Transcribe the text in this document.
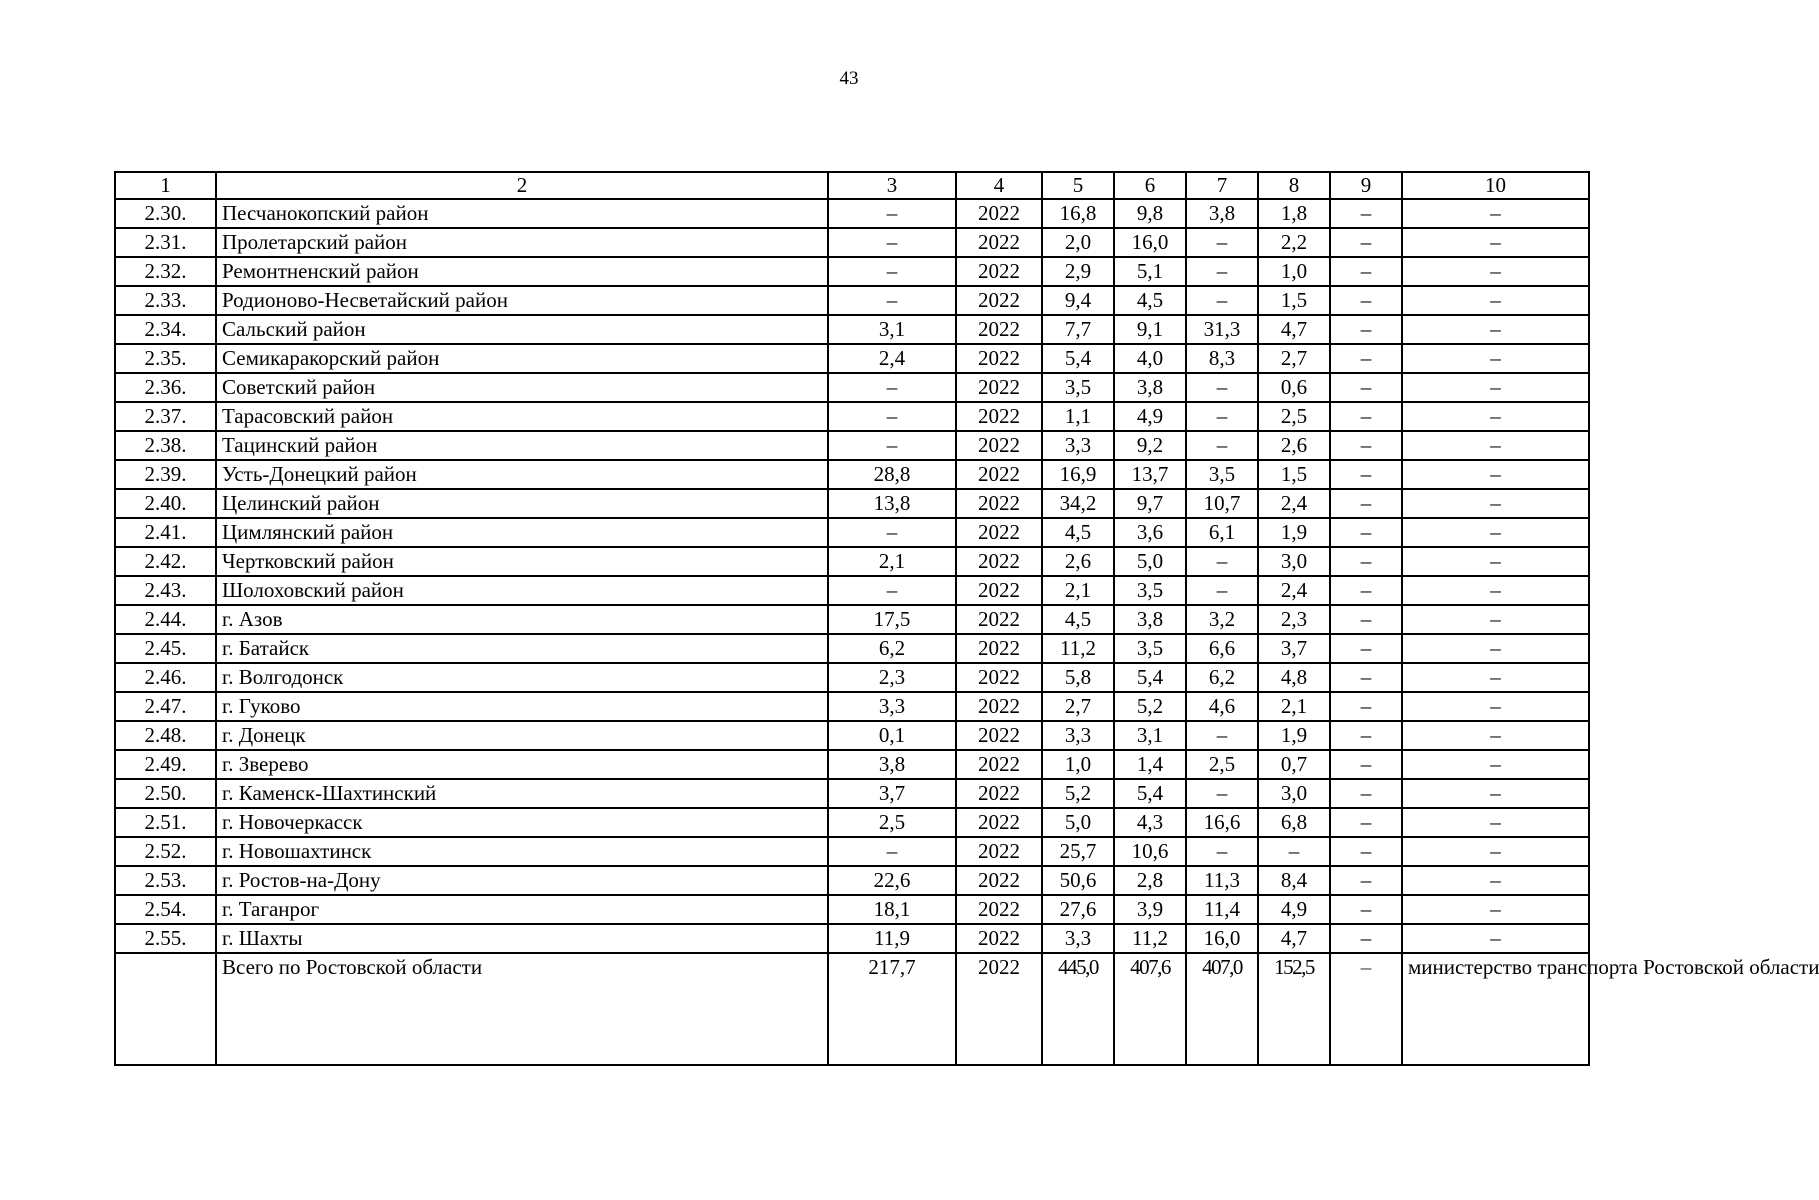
43
1	2	3	4	5	6	7	8	9	10
2.30.	Песчанокопский район	–	2022	16,8	9,8	3,8	1,8	–	–
2.31.	Пролетарский район	–	2022	2,0	16,0	–	2,2	–	–
2.32.	Ремонтненский район	–	2022	2,9	5,1	–	1,0	–	–
2.33.	Родионово-Несветайский район	–	2022	9,4	4,5	–	1,5	–	–
2.34.	Сальский район	3,1	2022	7,7	9,1	31,3	4,7	–	–
2.35.	Семикаракорский район	2,4	2022	5,4	4,0	8,3	2,7	–	–
2.36.	Советский район	–	2022	3,5	3,8	–	0,6	–	–
2.37.	Тарасовский район	–	2022	1,1	4,9	–	2,5	–	–
2.38.	Тацинский район	–	2022	3,3	9,2	–	2,6	–	–
2.39.	Усть-Донецкий район	28,8	2022	16,9	13,7	3,5	1,5	–	–
2.40.	Целинский район	13,8	2022	34,2	9,7	10,7	2,4	–	–
2.41.	Цимлянский район	–	2022	4,5	3,6	6,1	1,9	–	–
2.42.	Чертковский район	2,1	2022	2,6	5,0	–	3,0	–	–
2.43.	Шолоховский район	–	2022	2,1	3,5	–	2,4	–	–
2.44.	г. Азов	17,5	2022	4,5	3,8	3,2	2,3	–	–
2.45.	г. Батайск	6,2	2022	11,2	3,5	6,6	3,7	–	–
2.46.	г. Волгодонск	2,3	2022	5,8	5,4	6,2	4,8	–	–
2.47.	г. Гуково	3,3	2022	2,7	5,2	4,6	2,1	–	–
2.48.	г. Донецк	0,1	2022	3,3	3,1	–	1,9	–	–
2.49.	г. Зверево	3,8	2022	1,0	1,4	2,5	0,7	–	–
2.50.	г. Каменск-Шахтинский	3,7	2022	5,2	5,4	–	3,0	–	–
2.51.	г. Новочеркасск	2,5	2022	5,0	4,3	16,6	6,8	–	–
2.52.	г. Новошахтинск	–	2022	25,7	10,6	–	–	–	–
2.53.	г. Ростов-на-Дону	22,6	2022	50,6	2,8	11,3	8,4	–	–
2.54.	г. Таганрог	18,1	2022	27,6	3,9	11,4	4,9	–	–
2.55.	г. Шахты	11,9	2022	3,3	11,2	16,0	4,7	–	–
	Всего по Ростовской области	217,7	2022	445,0	407,6	407,0	152,5	–	министерство транспорта Ростовской области
